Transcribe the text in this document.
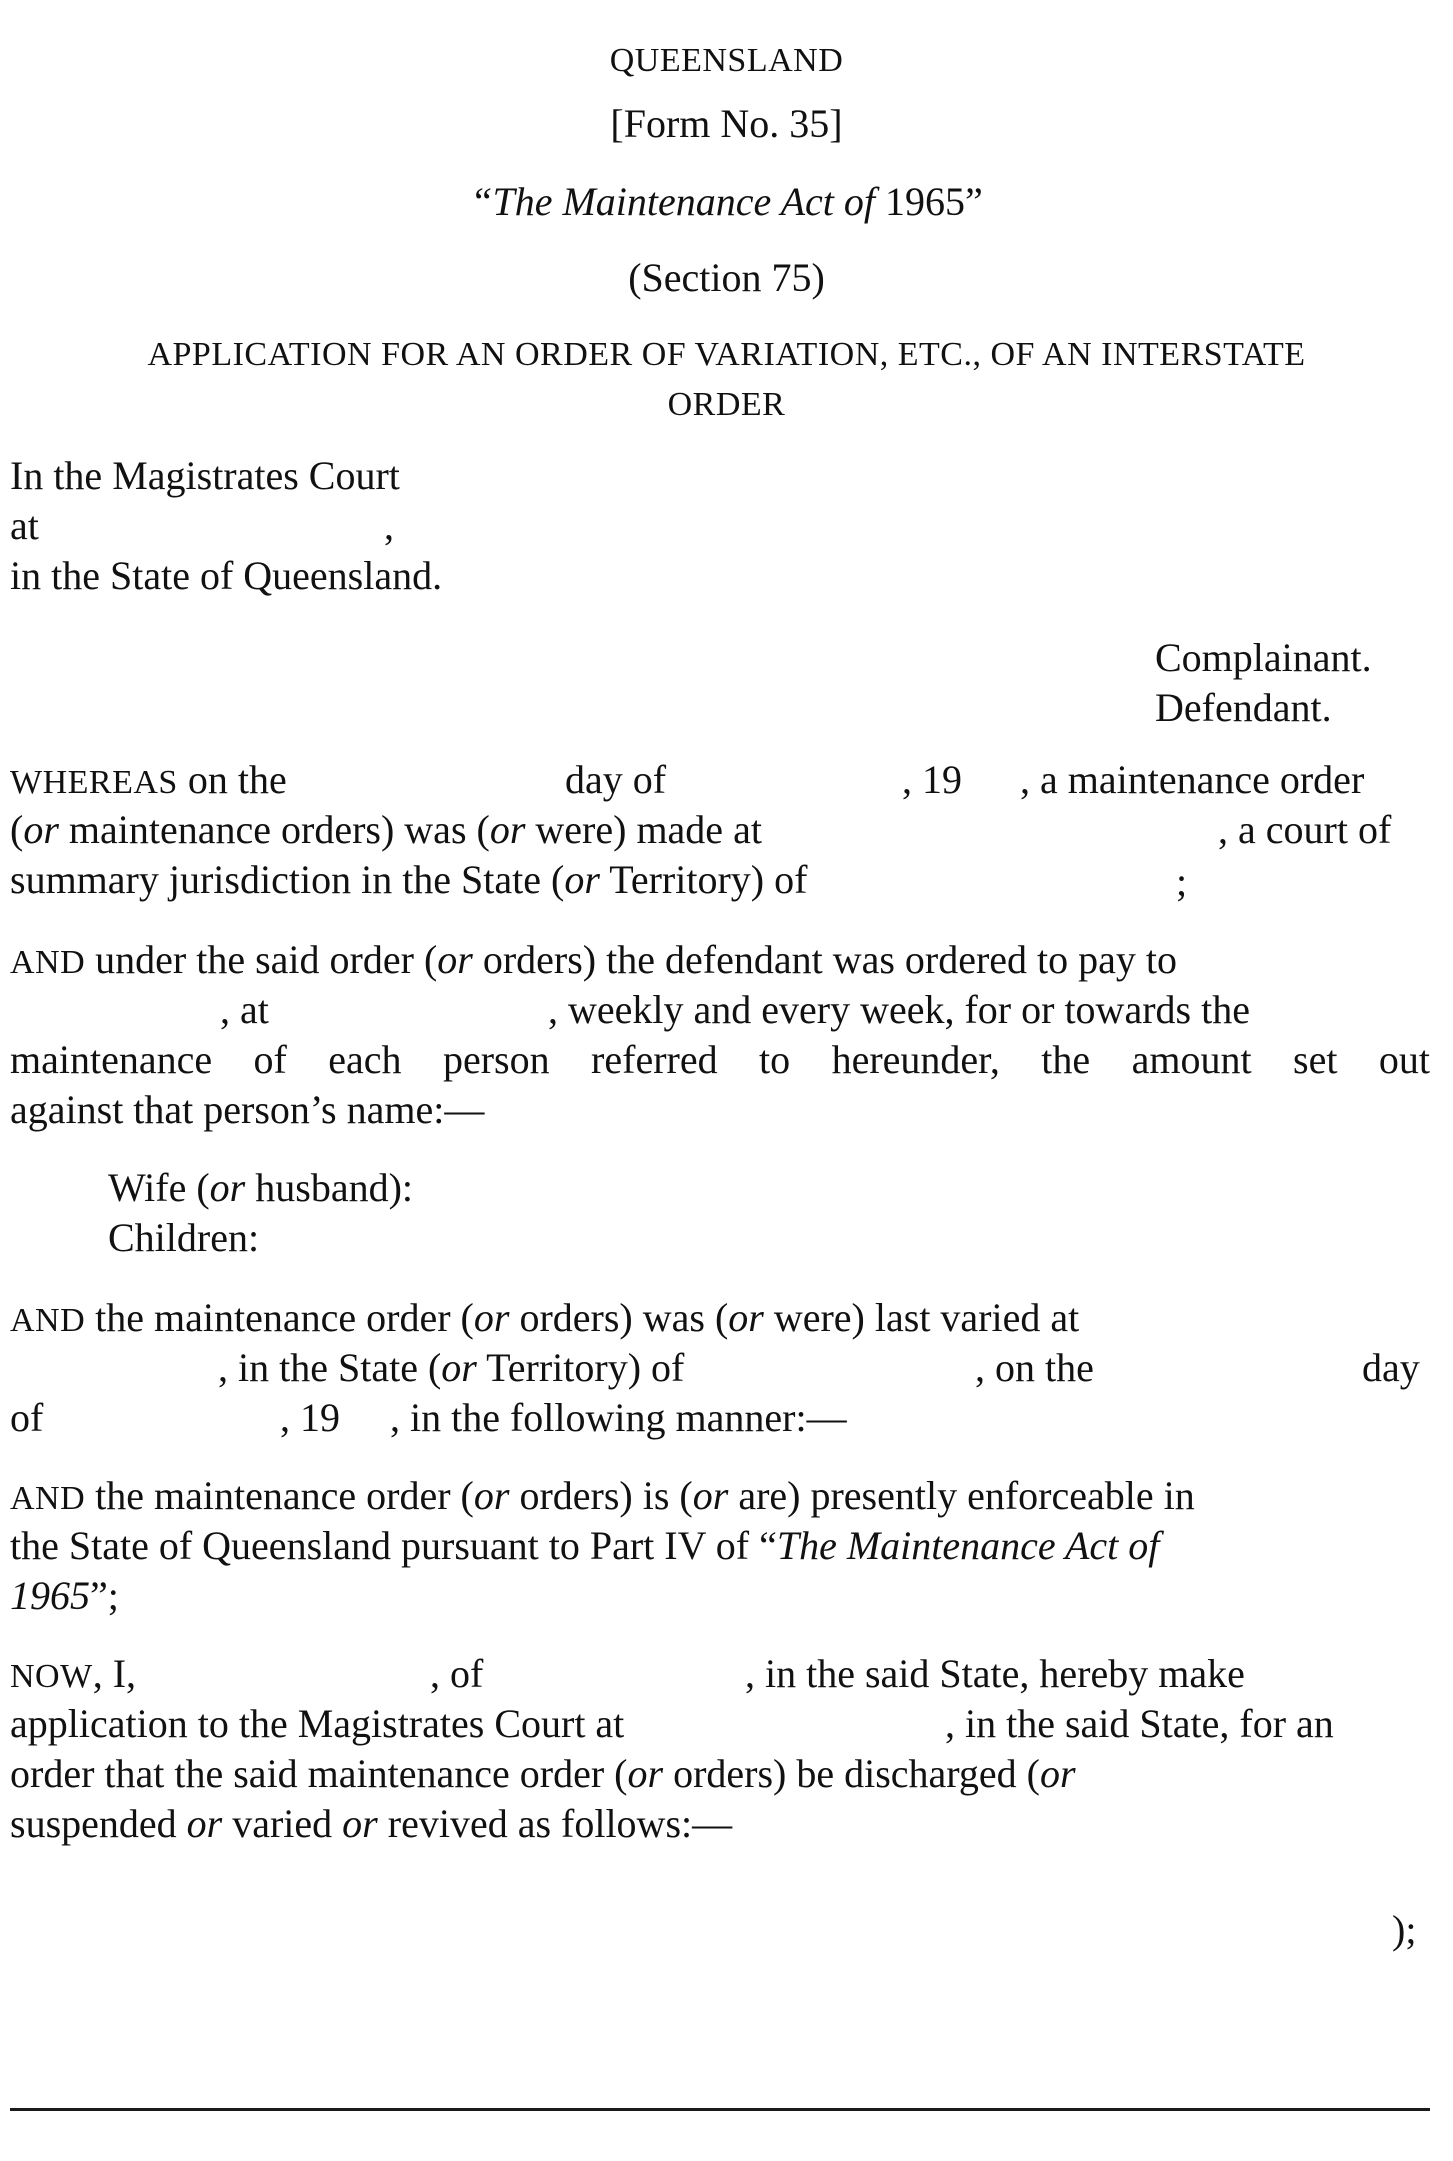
QUEENSLAND
[Form No. 35]
“The Maintenance Act of 1965”
(Section 75)
APPLICATION FOR AN ORDER OF VARIATION, ETC., OF AN INTERSTATE
ORDER
In the Magistrates Court
at	,
in the State of Queensland.
Complainant.
Defendant.
WHEREAS on the	day of	, 19 , a maintenance order
(or maintenance orders) was (or were) made at	, a court of
summary jurisdiction in the State (or Territory) of	;
AND under the said order (or orders) the defendant was ordered to pay to
, at	, weekly and every week, for or towards the
maintenance of each person referred to hereunder, the amount set out
against that person’s name:—
Wife (or husband):
Children:
AND the maintenance order (or orders) was (or were) last varied at
, in the State (or Territory) of	, on the	day
of	, 19 , in the following manner:—
AND the maintenance order (or orders) is (or are) presently enforceable in
the State of Queensland pursuant to Part IV of “The Maintenance Act of
1965”;
NOW, I,	, of	, in the said State, hereby make
application to the Magistrates Court at	, in the said State, for an
order that the said maintenance order (or orders) be discharged (or
suspended or varied or revived as follows:—
);
